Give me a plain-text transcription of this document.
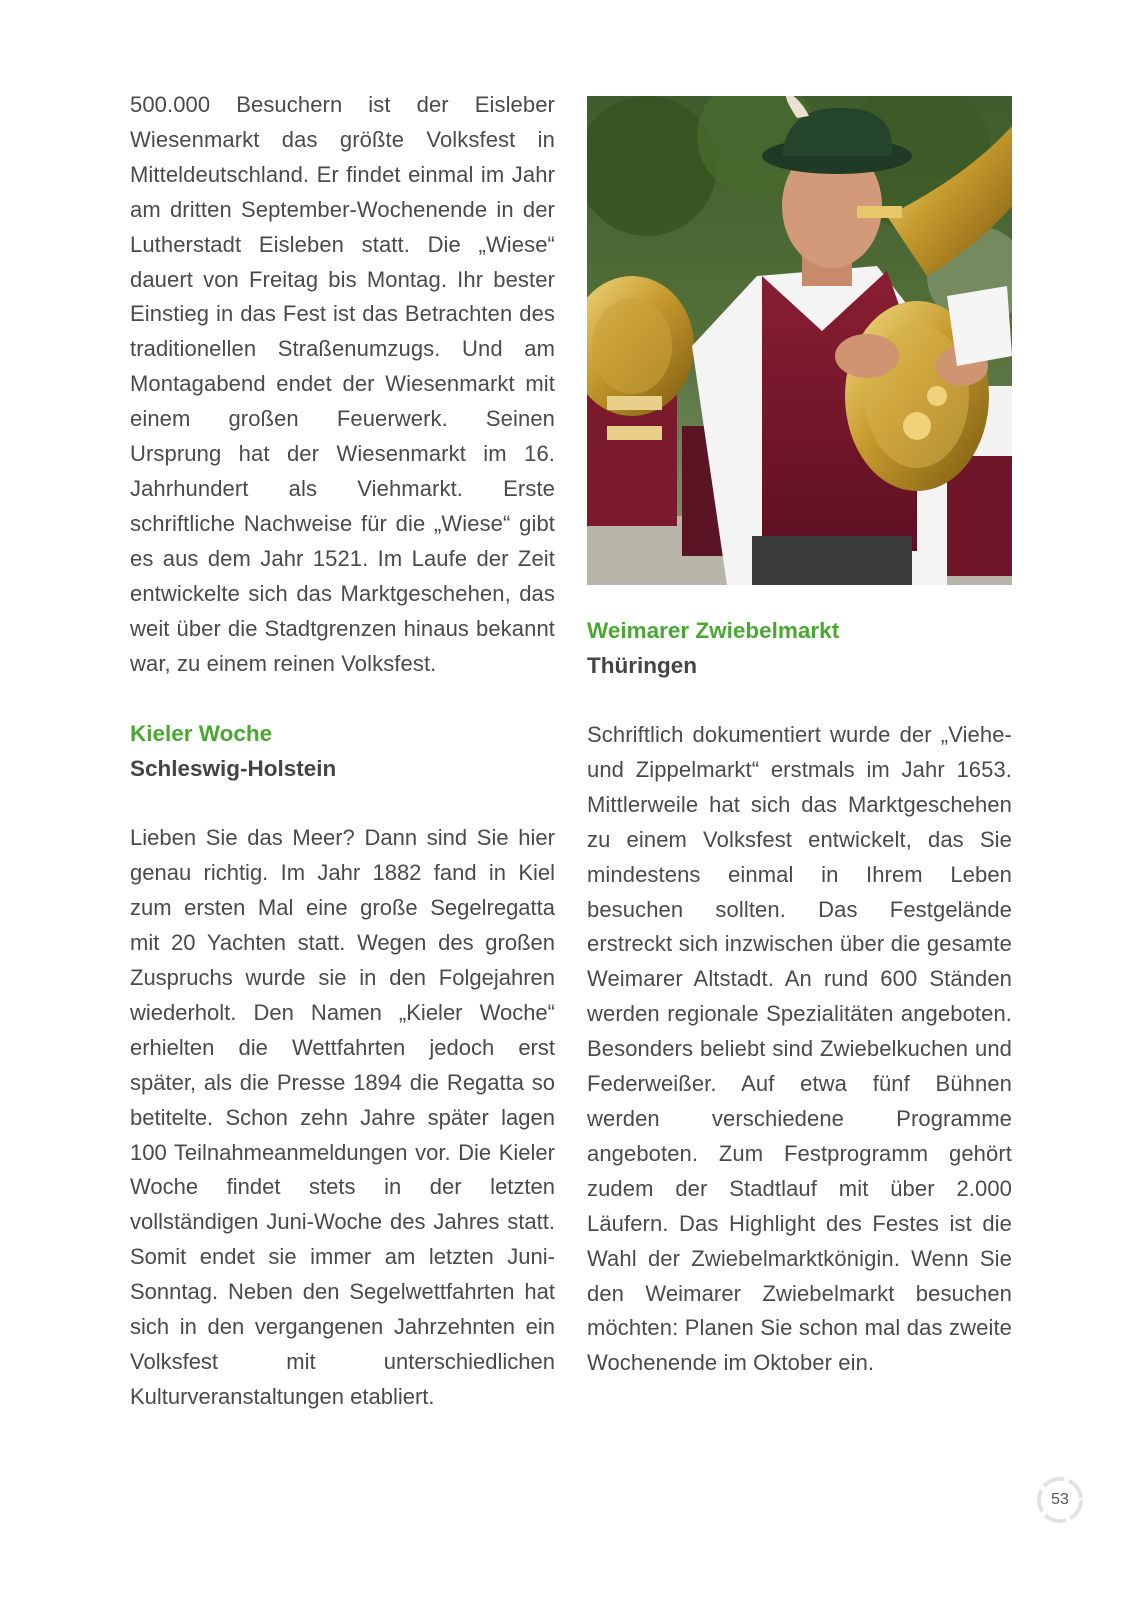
500.000 Besuchern ist der Eisleber Wiesenmarkt das größte Volksfest in Mitteldeutschland. Er findet einmal im Jahr am dritten September-Wochenende in der Lutherstadt Eisleben statt. Die „Wiese“ dauert von Freitag bis Montag. Ihr bester Einstieg in das Fest ist das Betrachten des traditionellen Straßenumzugs. Und am Montagabend endet der Wiesenmarkt mit einem großen Feuerwerk. Seinen Ursprung hat der Wiesenmarkt im 16. Jahrhundert als Viehmarkt. Erste schriftliche Nachweise für die „Wiese“ gibt es aus dem Jahr 1521. Im Laufe der Zeit entwickelte sich das Marktgeschehen, das weit über die Stadtgrenzen hinaus bekannt war, zu einem reinen Volksfest.

Kieler Woche
Schleswig-Holstein

Lieben Sie das Meer? Dann sind Sie hier genau richtig. Im Jahr 1882 fand in Kiel zum ersten Mal eine große Segelregatta mit 20 Yachten statt. Wegen des großen Zuspruchs wurde sie in den Folgejahren wiederholt. Den Namen „Kieler Woche“ erhielten die Wettfahrten jedoch erst später, als die Presse 1894 die Regatta so betitelte. Schon zehn Jahre später lagen 100 Teilnahmeanmeldungen vor. Die Kieler Woche findet stets in der letzten vollständigen Juni-Woche des Jahres statt. Somit endet sie immer am letzten Juni-Sonntag. Neben den Segelwettfahrten hat sich in den vergangenen Jahrzehnten ein Volksfest mit unterschiedlichen Kulturveranstaltungen etabliert.

Weimarer Zwiebelmarkt
Thüringen

Schriftlich dokumentiert wurde der „Viehe- und Zippelmarkt“ erstmals im Jahr 1653. Mittlerweile hat sich das Marktgeschehen zu einem Volksfest entwickelt, das Sie mindestens einmal in Ihrem Leben besuchen sollten. Das Festgelände erstreckt sich inzwischen über die gesamte Weimarer Altstadt. An rund 600 Ständen werden regionale Spezialitäten angeboten. Besonders beliebt sind Zwiebelkuchen und Federweißer. Auf etwa fünf Bühnen werden verschiedene Programme angeboten. Zum Festprogramm gehört zudem der Stadtlauf mit über 2.000 Läufern. Das Highlight des Festes ist die Wahl der Zwiebelmarktkönigin. Wenn Sie den Weimarer Zwiebelmarkt besuchen möchten: Planen Sie schon mal das zweite Wochenende im Oktober ein.

53
